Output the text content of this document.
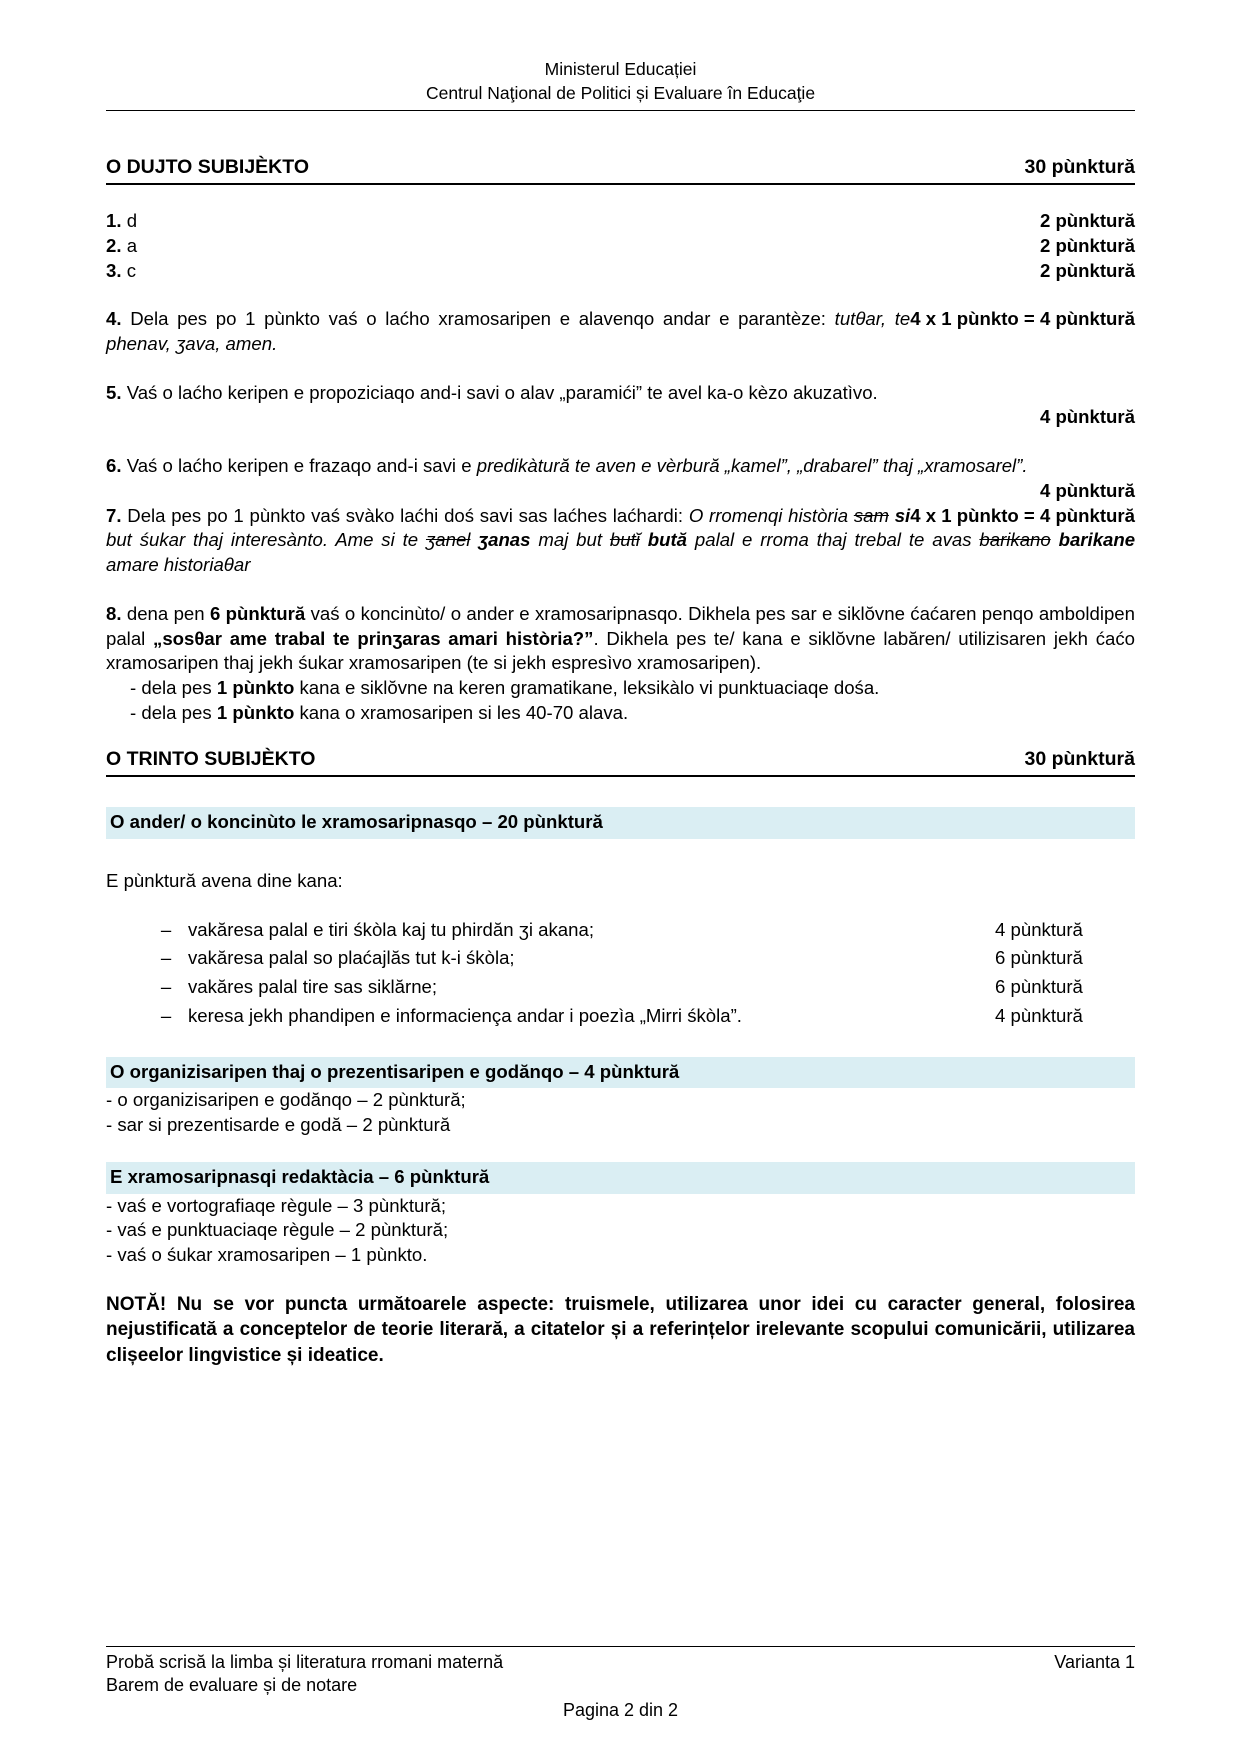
Ministerul Educației
Centrul Naţional de Politici și Evaluare în Educaţie
O DUJTO SUBIJÈKTO	30 pùnktură
1. d	2 pùnktură
2. a	2 pùnktură
3. c	2 pùnktură

4 x 1 pùnkto = 4 pùnktură
4. Dela pes po 1 pùnkto vaś o laćho xramosaripen e alavenqo andar e parantèze: tutθar, te phenav, ʒava, amen.

5. Vaś o laćho keripen e propoziciaqo and-i savi o alav „paramići” te avel ka-o kèzo akuzatìvo.

4 pùnktură

6. Vaś o laćho keripen e frazaqo and-i savi e predikàtură te aven e vèrbură „kamel”, „drabarel” thaj „xramosarel”.

4 pùnktură

4 x 1 pùnkto = 4 pùnktură
7. Dela pes po 1 pùnkto vaś svàko laćhi doś savi sas laćhes laćhardi: O rromenqi història sam si but śukar thaj interesànto. Ame si te ʒanel ʒanas maj but butĭ bută palal e rroma thaj trebal te avas barikano barikane amare historiaθar

8. dena pen 6 pùnktură vaś o koncinùto/ o ander e xramosaripnasqo. Dikhela pes sar e siklŏvne ćaćaren penqo amboldipen palal „sosθar ame trabal te prinʒaras amari història?”. Dikhela pes te/ kana e siklŏvne labăren/ utilizisaren jekh ćaćo xramosaripen thaj jekh śukar xramosaripen (te si jekh espresìvo xramosaripen).

- dela pes 1 pùnkto kana e siklŏvne na keren gramatikane, leksikàlo vi punktuaciaqe dośa.

- dela pes 1 pùnkto kana o xramosaripen si les 40-70 alava.

O TRINTO SUBIJÈKTO	30 pùnktură
O ander/ o koncinùto le xramosaripnasqo – 20 pùnktură

E pùnktură avena dine kana:

– vakăresa palal e tiri śkòla kaj tu phirdăn ʒi akana;	4 pùnktură
– vakăresa palal so plaćajlăs tut k-i śkòla;	6 pùnktură
– vakăres palal tire sas siklărne;	6 pùnktură
– keresa jekh phandipen e informaciença andar i poezìa „Mirri śkòla”.	4 pùnktură
O organizisaripen thaj o prezentisaripen e godănqo – 4 pùnktură

- o organizisaripen e godănqo – 2 pùnktură;

- sar si prezentisarde e godă – 2 pùnktură

E xramosaripnasqi redaktàcia – 6 pùnktură

- vaś e vortografiaqe règule – 3 pùnktură;

- vaś e punktuaciaqe règule – 2 pùnktură;

- vaś o śukar xramosaripen – 1 pùnkto.

NOTĂ! Nu se vor puncta următoarele aspecte: truismele, utilizarea unor idei cu caracter general, folosirea nejustificată a conceptelor de teorie literară, a citatelor și a referințelor irelevante scopului comunicării, utilizarea clișeelor lingvistice și ideatice.

Probă scrisă la limba și literatura rromani maternă
Barem de evaluare și de notare
Varianta 1
Pagina 2 din 2
